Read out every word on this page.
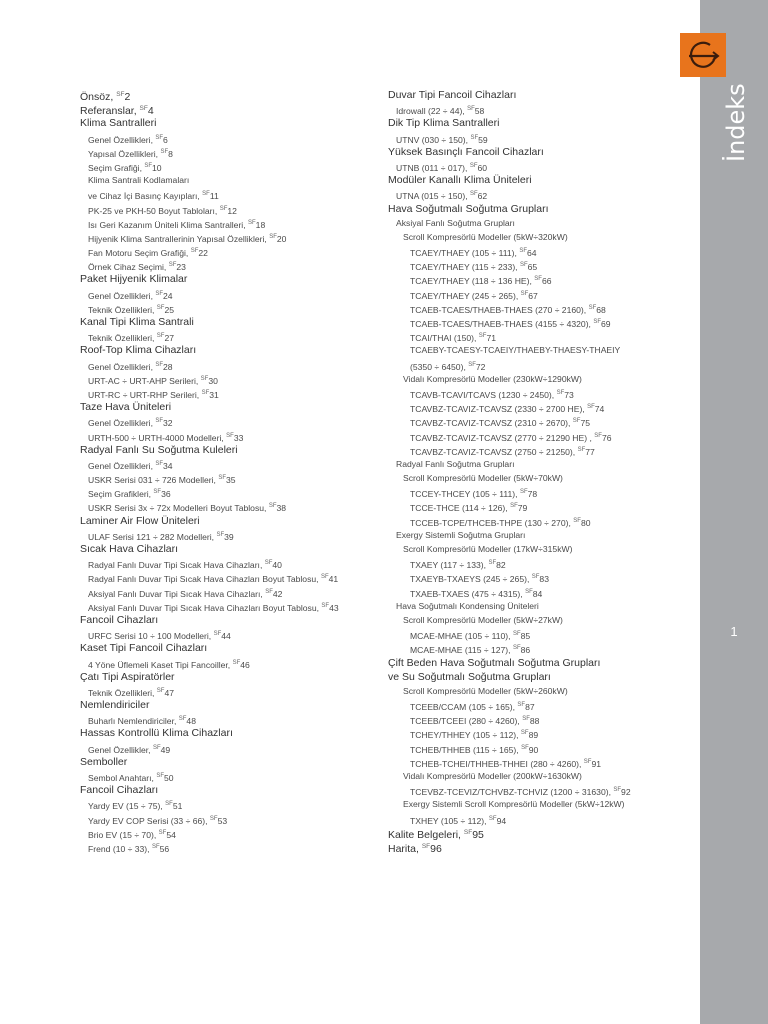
İndeks
1
Önsöz, $^{SF}$2
Referanslar, $^{SF}$4
Klima Santralleri
Genel Özellikleri, $^{SF}$6
Yapısal Özellikleri, $^{SF}$8
Seçim Grafiği, $^{SF}$10
Klima Santrali Kodlamaları
ve Cihaz İçi Basınç Kayıpları, $^{SF}$11
PK-25 ve PKH-50 Boyut Tabloları, $^{SF}$12
Isı Geri Kazanım Üniteli Klima Santralleri, $^{SF}$18
Hijyenik Klima Santrallerinin Yapısal Özellikleri, $^{SF}$20
Fan Motoru Seçim Grafiği, $^{SF}$22
Örnek Cihaz Seçimi, $^{SF}$23
Paket Hijyenik Klimalar
Genel Özellikleri, $^{SF}$24
Teknik Özellikleri, $^{SF}$25
Kanal Tipi Klima Santrali
Teknik Özellikleri, $^{SF}$27
Roof-Top Klima Cihazları
Genel Özellikleri, $^{SF}$28
URT-AC ÷ URT-AHP Serileri, $^{SF}$30
URT-RC ÷ URT-RHP Serileri, $^{SF}$31
Taze Hava Üniteleri
Genel Özellikleri, $^{SF}$32
URTH-500 ÷ URTH-4000 Modelleri, $^{SF}$33
Radyal Fanlı Su Soğutma Kuleleri
Genel Özellikleri, $^{SF}$34
USKR Serisi 031 ÷ 726 Modelleri, $^{SF}$35
Seçim Grafikleri, $^{SF}$36
USKR Serisi 3x ÷ 72x Modelleri Boyut Tablosu, $^{SF}$38
Laminer Air Flow Üniteleri
ULAF Serisi 121 ÷ 282 Modelleri, $^{SF}$39
Sıcak Hava Cihazları
Radyal Fanlı Duvar Tipi Sıcak Hava Cihazları, $^{SF}$40
Radyal Fanlı Duvar Tipi Sıcak Hava Cihazları Boyut Tablosu, $^{SF}$41
Aksiyal Fanlı Duvar Tipi Sıcak Hava Cihazları, $^{SF}$42
Aksiyal Fanlı Duvar Tipi Sıcak Hava Cihazları Boyut Tablosu, $^{SF}$43
Fancoil Cihazları
URFC Serisi 10 ÷ 100 Modelleri, $^{SF}$44
Kaset Tipi Fancoil Cihazları
4 Yöne Üflemeli Kaset Tipi Fancoiller, $^{SF}$46
Çatı Tipi Aspiratörler
Teknik Özellikleri, $^{SF}$47
Nemlendiriciler
Buharlı Nemlendiriciler, $^{SF}$48
Hassas Kontrollü Klima Cihazları
Genel Özellikler, $^{SF}$49
Semboller
Sembol Anahtarı, $^{SF}$50
Fancoil Cihazları
Yardy EV (15 ÷ 75), $^{SF}$51
Yardy EV COP Serisi (33 ÷ 66), $^{SF}$53
Brio EV (15 ÷ 70), $^{SF}$54
Frend (10 ÷ 33), $^{SF}$56
Duvar Tipi Fancoil Cihazları
Idrowall (22 ÷ 44), $^{SF}$58
Dik Tip Klima Santralleri
UTNV (030 ÷ 150), $^{SF}$59
Yüksek Basınçlı Fancoil Cihazları
UTNB (011 ÷ 017), $^{SF}$60
Modüler Kanallı Klima Üniteleri
UTNA (015 ÷ 150), $^{SF}$62
Hava Soğutmalı Soğutma Grupları
Aksiyal Fanlı Soğutma Grupları
Scroll Kompresörlü Modeller (5kW÷320kW)
TCAEY/THAEY (105 ÷ 111), $^{SF}$64
TCAEY/THAEY (115 ÷ 233), $^{SF}$65
TCAEY/THAEY (118 ÷ 136 HE), $^{SF}$66
TCAEY/THAEY (245 ÷ 265), $^{SF}$67
TCAEB-TCAES/THAEB-THAES (270 ÷ 2160), $^{SF}$68
TCAEB-TCAES/THAEB-THAES (4155 ÷ 4320), $^{SF}$69
TCAI/THAI (150), $^{SF}$71
TCAEBY-TCAESY-TCAEIY/THAEBY-THAESY-THAEIY
(5350 ÷ 6450), $^{SF}$72
Vidalı Kompresörlü Modeller (230kW÷1290kW)
TCAVB-TCAVI/TCAVS (1230 ÷ 2450), $^{SF}$73
TCAVBZ-TCAVIZ-TCAVSZ (2330 ÷ 2700 HE), $^{SF}$74
TCAVBZ-TCAVIZ-TCAVSZ (2310 ÷ 2670), $^{SF}$75
TCAVBZ-TCAVIZ-TCAVSZ (2770 ÷ 21290 HE) , $^{SF}$76
TCAVBZ-TCAVIZ-TCAVSZ (2750 ÷ 21250), $^{SF}$77
Radyal Fanlı Soğutma Grupları
Scroll Kompresörlü Modeller (5kW÷70kW)
TCCEY-THCEY (105 ÷ 111), $^{SF}$78
TCCE-THCE (114 ÷ 126), $^{SF}$79
TCCEB-TCPE/THCEB-THPE (130 ÷ 270), $^{SF}$80
Exergy Sistemli Soğutma Grupları
Scroll Kompresörlü Modeller (17kW÷315kW)
TXAEY (117 ÷ 133), $^{SF}$82
TXAEYB-TXAEYS (245 ÷ 265), $^{SF}$83
TXAEB-TXAES (475 ÷ 4315), $^{SF}$84
Hava Soğutmalı Kondensing Üniteleri
Scroll Kompresörlü Modeller (5kW÷27kW)
MCAE-MHAE (105 ÷ 110), $^{SF}$85
MCAE-MHAE (115 ÷ 127), $^{SF}$86
Çift Beden Hava Soğutmalı Soğutma Grupları
ve Su Soğutmalı Soğutma Grupları
Scroll Kompresörlü Modeller (5kW÷260kW)
TCEEB/CCAM (105 ÷ 165), $^{SF}$87
TCEEB/TCEEI (280 ÷ 4260), $^{SF}$88
TCHEY/THHEY (105 ÷ 112), $^{SF}$89
TCHEB/THHEB (115 ÷ 165), $^{SF}$90
TCHEB-TCHEI/THHEB-THHEI (280 ÷ 4260), $^{SF}$91
Vidalı Kompresörlü Modeller (200kW÷1630kW)
TCEVBZ-TCEVIZ/TCHVBZ-TCHVIZ (1200 ÷ 31630), $^{SF}$92
Exergy Sistemli Scroll Kompresörlü Modeller (5kW÷12kW)
TXHEY (105 ÷ 112), $^{SF}$94
Kalite Belgeleri, $^{SF}$95
Harita, $^{SF}$96
